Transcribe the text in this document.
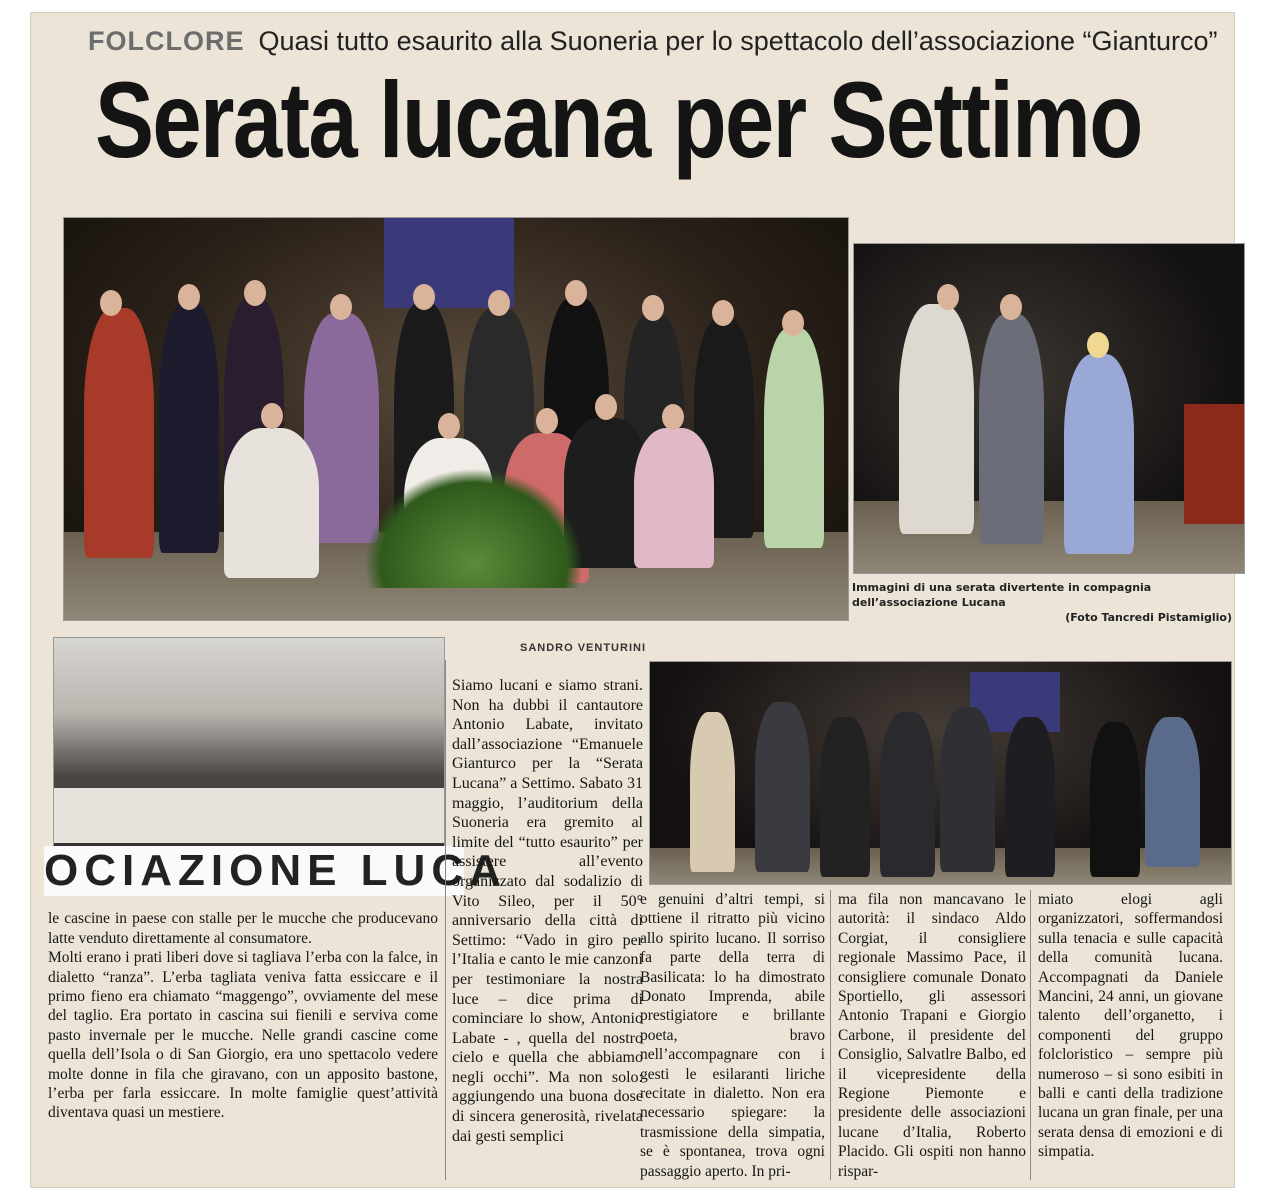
FOLCLORE Quasi tutto esaurito alla Suoneria per lo spettacolo dell’associazione “Gianturco”
Serata lucana per Settimo
Immagini di una serata divertente in compagnia dell’associazione Lucana
(Foto Tancredi Pistamiglio)
OCIAZIONE LUCA
SANDRO VENTURINI

Siamo lucani e siamo strani. Non ha dubbi il cantautore Antonio Labate, invitato dall’associazione “Emanuele Gianturco per la “Serata Lucana” a Settimo. Sabato 31 maggio, l’auditorium della Suoneria era gremito al limite del “tutto esaurito” per assistere all’evento organizzato dal sodalizio di Vito Sileo, per il 50° anniversario della città di Settimo: “Vado in giro per l’Italia e canto le mie canzoni per testimoniare la nostra luce – dice prima di cominciare lo show, Antonio Labate - , quella del nostro cielo e quella che abbiamo negli occhi”. Ma non solo: aggiungendo una buona dose di sincera generosità, rivelata dai gesti semplici

le cascine in paese con stalle per le mucche che producevano latte venduto direttamente al consumatore.
Molti erano i prati liberi dove si tagliava l’erba con la falce, in dialetto “ranza”. L’erba tagliata veniva fatta essiccare e il primo fieno era chiamato “maggengo”, ovviamente del mese del taglio. Era portato in cascina sui fienili e serviva come pasto invernale per le mucche. Nelle grandi cascine come quella dell’Isola o di San Giorgio, era uno spettacolo vedere molte donne in fila che giravano, con un apposito bastone, l’erba per farla essiccare. In molte famiglie quest’attività diventava quasi un mestiere.

e genuini d’altri tempi, si ottiene il ritratto più vicino allo spirito lucano. Il sorriso fa parte della terra di Basilicata: lo ha dimostrato Donato Imprenda, abile prestigiatore e brillante poeta, bravo nell’accompagnare con i gesti le esilaranti liriche recitate in dialetto. Non era necessario spiegare: la trasmissione della simpatia, se è spontanea, trova ogni passaggio aperto. In pri-

ma fila non mancavano le autorità: il sindaco Aldo Corgiat, il consigliere regionale Massimo Pace, il consigliere comunale Donato Sportiello, gli assessori Antonio Trapani e Giorgio Carbone, il presidente del Consiglio, Salvatlre Balbo, ed il vicepresidente della Regione Piemonte e presidente delle associazioni lucane d’Italia, Roberto Placido. Gli ospiti non hanno rispar-

miato elogi agli organizzatori, soffermandosi sulla tenacia e sulle capacità della comunità lucana. Accompagnati da Daniele Mancini, 24 anni, un giovane talento dell’organetto, i componenti del gruppo folcloristico – sempre più numeroso – si sono esibiti in balli e canti della tradizione lucana un gran finale, per una serata densa di emozioni e di simpatia.
